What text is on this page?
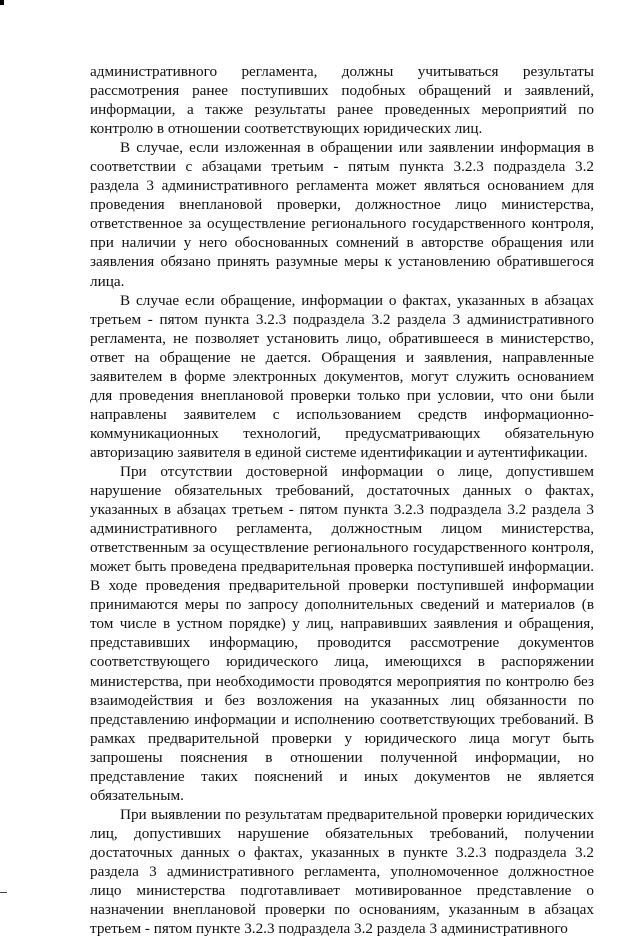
административного регламента, должны учитываться результаты рассмотрения ранее поступивших подобных обращений и заявлений, информации, а также результаты ранее проведенных мероприятий по контролю в отношении соответствующих юридических лиц.

В случае, если изложенная в обращении или заявлении информация в соответствии с абзацами третьим - пятым пункта 3.2.3 подраздела 3.2 раздела 3 административного регламента может являться основанием для проведения внеплановой проверки, должностное лицо министерства, ответственное за осуществление регионального государственного контроля, при наличии у него обоснованных сомнений в авторстве обращения или заявления обязано принять разумные меры к установлению обратившегося лица.

В случае если обращение, информации о фактах, указанных в абзацах третьем - пятом пункта 3.2.3 подраздела 3.2 раздела 3 административного регламента, не позволяет установить лицо, обратившееся в министерство, ответ на обращение не дается. Обращения и заявления, направленные заявителем в форме электронных документов, могут служить основанием для проведения внеплановой проверки только при условии, что они были направлены заявителем с использованием средств информационно-коммуникационных технологий, предусматривающих обязательную авторизацию заявителя в единой системе идентификации и аутентификации.

При отсутствии достоверной информации о лице, допустившем нарушение обязательных требований, достаточных данных о фактах, указанных в абзацах третьем - пятом пункта 3.2.3 подраздела 3.2 раздела 3 административного регламента, должностным лицом министерства, ответственным за осуществление регионального государственного контроля, может быть проведена предварительная проверка поступившей информации. В ходе проведения предварительной проверки поступившей информации принимаются меры по запросу дополнительных сведений и материалов (в том числе в устном порядке) у лиц, направивших заявления и обращения, представивших информацию, проводится рассмотрение документов соответствующего юридического лица, имеющихся в распоряжении министерства, при необходимости проводятся мероприятия по контролю без взаимодействия и без возложения на указанных лиц обязанности по представлению информации и исполнению соответствующих требований. В рамках предварительной проверки у юридического лица могут быть запрошены пояснения в отношении полученной информации, но представление таких пояснений и иных документов не является обязательным.

При выявлении по результатам предварительной проверки юридических лиц, допустивших нарушение обязательных требований, получении достаточных данных о фактах, указанных в пункте 3.2.3 подраздела 3.2 раздела 3 административного регламента, уполномоченное должностное лицо министерства подготавливает мотивированное представление о назначении внеплановой проверки по основаниям, указанным в абзацах третьем - пятом пункте 3.2.3 подраздела 3.2 раздела 3 административного
